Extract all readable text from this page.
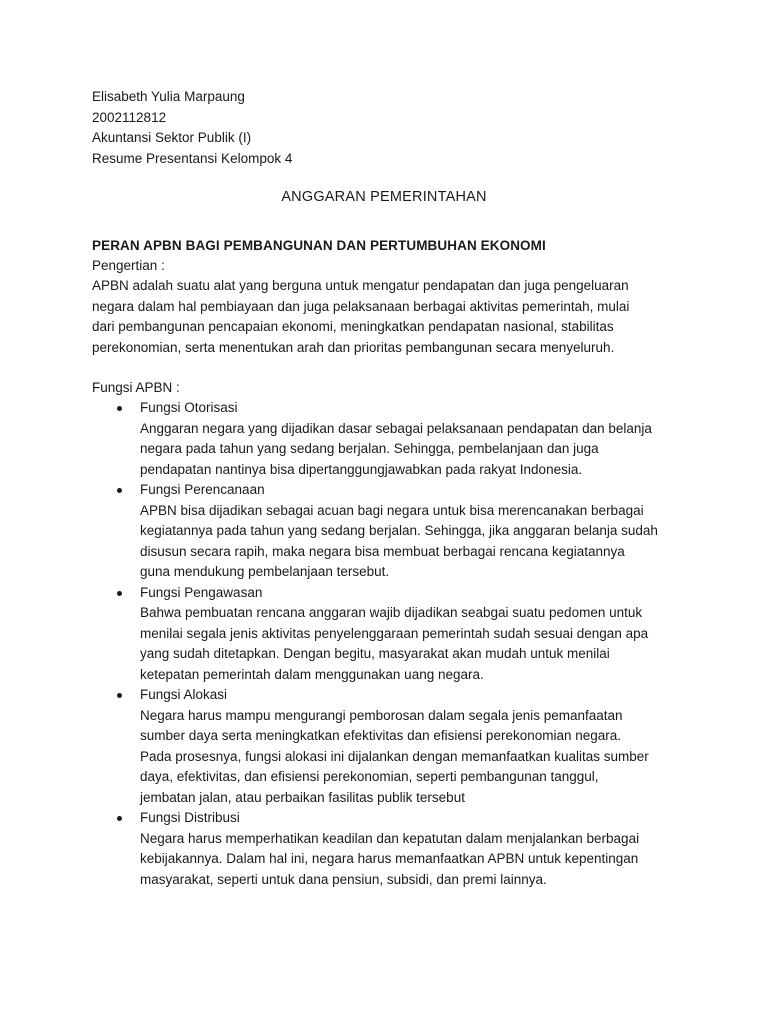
Elisabeth Yulia Marpaung
2002112812
Akuntansi Sektor Publik (I)
Resume Presentansi Kelompok 4
ANGGARAN PEMERINTAHAN
PERAN APBN BAGI PEMBANGUNAN DAN PERTUMBUHAN EKONOMI
Pengertian :
APBN adalah suatu alat yang berguna untuk mengatur pendapatan dan juga pengeluaran
negara dalam hal pembiayaan dan juga pelaksanaan berbagai aktivitas pemerintah, mulai
dari pembangunan pencapaian ekonomi, meningkatkan pendapatan nasional, stabilitas
perekonomian, serta menentukan arah dan prioritas pembangunan secara menyeluruh.
Fungsi APBN :
Fungsi Otorisasi
Anggaran negara yang dijadikan dasar sebagai pelaksanaan pendapatan dan belanja
negara pada tahun yang sedang berjalan. Sehingga, pembelanjaan dan juga
pendapatan nantinya bisa dipertanggungjawabkan pada rakyat Indonesia.
Fungsi Perencanaan
APBN bisa dijadikan sebagai acuan bagi negara untuk bisa merencanakan berbagai
kegiatannya pada tahun yang sedang berjalan. Sehingga, jika anggaran belanja sudah
disusun secara rapih, maka negara bisa membuat berbagai rencana kegiatannya
guna mendukung pembelanjaan tersebut.
Fungsi Pengawasan
Bahwa pembuatan rencana anggaran wajib dijadikan seabgai suatu pedomen untuk
menilai segala jenis aktivitas penyelenggaraan pemerintah sudah sesuai dengan apa
yang sudah ditetapkan. Dengan begitu, masyarakat akan mudah untuk menilai
ketepatan pemerintah dalam menggunakan uang negara.
Fungsi Alokasi
Negara harus mampu mengurangi pemborosan dalam segala jenis pemanfaatan
sumber daya serta meningkatkan efektivitas dan efisiensi perekonomian negara.
Pada prosesnya, fungsi alokasi ini dijalankan dengan memanfaatkan kualitas sumber
daya, efektivitas, dan efisiensi perekonomian, seperti pembangunan tanggul,
jembatan jalan, atau perbaikan fasilitas publik tersebut
Fungsi Distribusi
Negara harus memperhatikan keadilan dan kepatutan dalam menjalankan berbagai
kebijakannya. Dalam hal ini, negara harus memanfaatkan APBN untuk kepentingan
masyarakat, seperti untuk dana pensiun, subsidi, dan premi lainnya.
